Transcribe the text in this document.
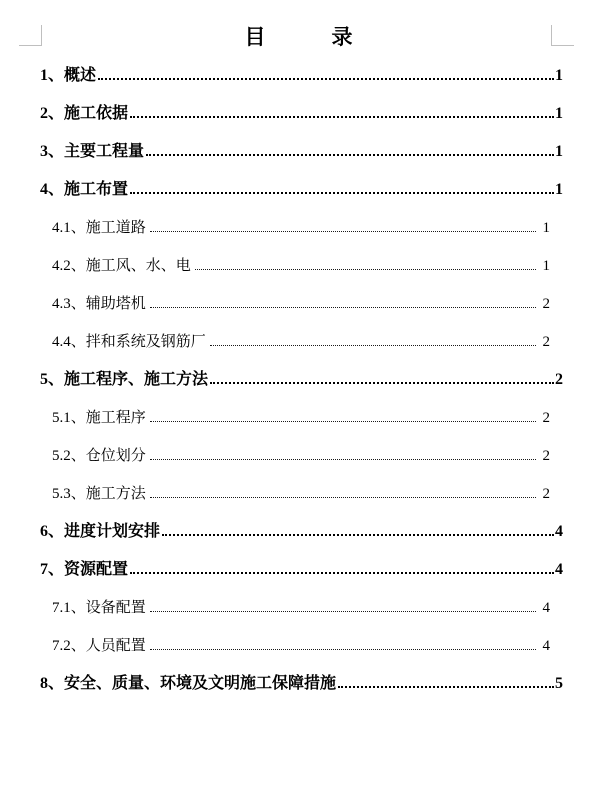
目　　录
1、概述	1
2、施工依据	1
3、主要工程量	1
4、施工布置	1
4.1、施工道路	1
4.2、施工风、水、电	1
4.3、辅助塔机	2
4.4、拌和系统及钢筋厂	2
5、施工程序、施工方法	2
5.1、施工程序	2
5.2、仓位划分	2
5.3、施工方法	2
6、进度计划安排	4
7、资源配置	4
7.1、设备配置	4
7.2、人员配置	4
8、安全、质量、环境及文明施工保障措施	5
